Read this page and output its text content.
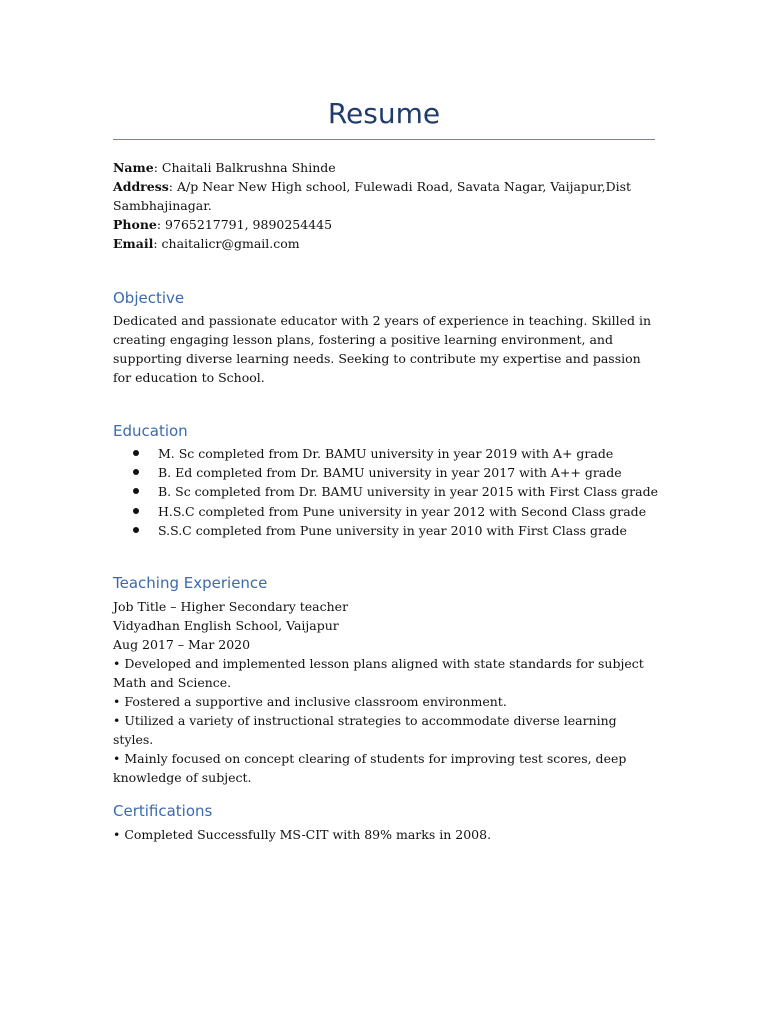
Resume
Name: Chaitali Balkrushna Shinde
Address: A/p Near New High school, Fulewadi Road, Savata Nagar, Vaijapur,Dist Sambhajinagar.
Phone: 9765217791, 9890254445
Email: chaitalicr@gmail.com
Objective

Dedicated and passionate educator with 2 years of experience in teaching. Skilled in creating engaging lesson plans, fostering a positive learning environment, and supporting diverse learning needs. Seeking to contribute my expertise and passion for education to School.

Education
M. Sc completed from Dr. BAMU university in year 2019 with A+ grade
B. Ed completed from Dr. BAMU university in year 2017 with A++ grade
B. Sc completed from Dr. BAMU university in year 2015 with First Class grade
H.S.C completed from Pune university in year 2012 with Second Class grade
S.S.C completed from Pune university in year 2010 with First Class grade
Teaching Experience
Job Title – Higher Secondary teacher
Vidyadhan English School, Vaijapur
Aug 2017 – Mar 2020
• Developed and implemented lesson plans aligned with state standards for subject Math and Science.
• Fostered a supportive and inclusive classroom environment.
• Utilized a variety of instructional strategies to accommodate diverse learning styles.
• Mainly focused on concept clearing of students for improving test scores, deep knowledge of subject.
Certifications
• Completed Successfully MS-CIT with 89% marks in 2008.
